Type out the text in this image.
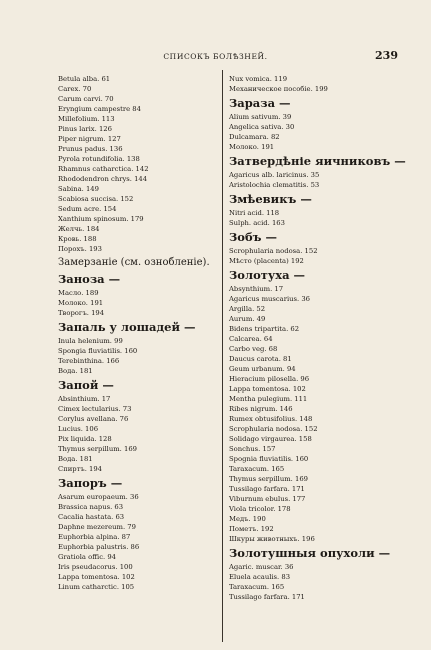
СПИСОКЪ БОЛѢЗНЕЙ.	239
Betula alba. 61
Carex. 70
Carum carvi. 70
Eryngium campestre 84
Millefolium. 113
Pinus larix. 126
Piper nigrum. 127
Prunus padus. 136
Pyrola rotundifolia. 138
Rhamnus catharctica. 142
Rhododendron chrys. 144
Sabina. 149
Scabiosa succisa. 152
Sedum acre. 154
Xanthium spinosum. 179
Желчь. 184
Кровь. 188
Порохъ. 193
Замерзаніе (см. ознобленіе).
Заноза —
Масло. 189
Молоко. 191
Творогъ. 194
Запаль у лошадей —
Inula helenium. 99
Spongia fluviatilis. 160
Terebinthina. 166
Вода. 181
Запой —
Absinthium. 17
Cimex lectularius. 73
Corylus avellana. 76
Lucius. 106
Pix liquida. 128
Thymus serpillum. 169
Вода. 181
Спиртъ. 194
Запоръ —
Asarum europaeum. 36
Brassica napus. 63
Cacalia hastata. 63
Daphne mezereum. 79
Euphorbia alpina. 87
Euphorbia palustris. 86
Gratiola offic. 94
Iris pseudacorus. 100
Lappa tomentosa. 102
Linum catharctic. 105
Nux vomica. 119
Механическое пособіе. 199
Зараза —
Alium sativum. 39
Angelica sativa. 30
Dulcamara. 82
Молоко. 191
Затвердѣніе яичниковъ —
Agaricus alb. laricinus. 35
Aristolochia clematitis. 53
Змѣевикъ —
Nitri acid. 118
Sulph. acid. 163
Зобъ —
Scrophularia nodosa. 152
Мѣсто (placenta) 192
Золотуха —
Absynthium. 17
Agaricus muscarius. 36
Argilla. 52
Aurum. 49
Bidens tripartita. 62
Calcarea. 64
Carbo veg. 68
Daucus carota. 81
Geum urbanum. 94
Hieracium pilosella. 96
Lappa tomentosa. 102
Mentha pulegium. 111
Ribes nigrum. 146
Rumex obtusifolius. 148
Scrophularia nodosa. 152
Solidago virgaurea. 158
Sonchus. 157
Spognia fluviatilis. 160
Taraxacum. 165
Thymus serpillum. 169
Tussilago farfara. 171
Viburnum ebulus. 177
Viola tricolor. 178
Медъ. 190
Пометъ. 192
Шкуры животныхъ. 196
Золотушныя опухоли —
Agaric. muscar. 36
Eluela acaulis. 83
Taraxacum. 165
Tussilago farfara. 171
